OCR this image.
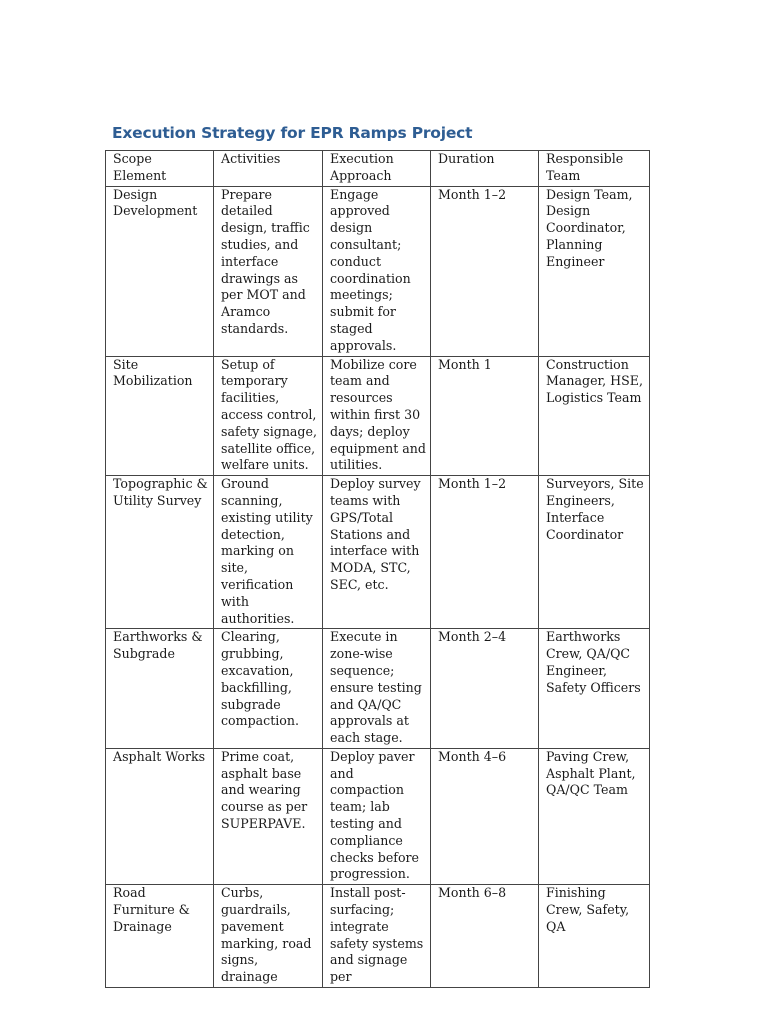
Execution Strategy for EPR Ramps Project
Scope Element	Activities	Execution Approach	Duration	Responsible Team
Design Development	Prepare detailed design, traffic studies, and interface drawings as per MOT and Aramco standards.	Engage approved design consultant; conduct coordination meetings; submit for staged approvals.	Month 1–2	Design Team, Design Coordinator, Planning Engineer
Site Mobilization	Setup of temporary facilities, access control, safety signage, satellite office, welfare units.	Mobilize core team and resources within first 30 days; deploy equipment and utilities.	Month 1	Construction Manager, HSE, Logistics Team
Topographic & Utility Survey	Ground scanning, existing utility detection, marking on site, verification with authorities.	Deploy survey teams with GPS/Total Stations and interface with MODA, STC, SEC, etc.	Month 1–2	Surveyors, Site Engineers, Interface Coordinator
Earthworks & Subgrade	Clearing, grubbing, excavation, backfilling, subgrade compaction.	Execute in zone-wise sequence; ensure testing and QA/QC approvals at each stage.	Month 2–4	Earthworks Crew, QA/QC Engineer, Safety Officers
Asphalt Works	Prime coat, asphalt base and wearing course as per SUPERPAVE.	Deploy paver and compaction team; lab testing and compliance checks before progression.	Month 4–6	Paving Crew, Asphalt Plant, QA/QC Team
Road Furniture & Drainage	Curbs, guardrails, pavement marking, road signs, drainage	Install post-surfacing; integrate safety systems and signage per	Month 6–8	Finishing Crew, Safety, QA
